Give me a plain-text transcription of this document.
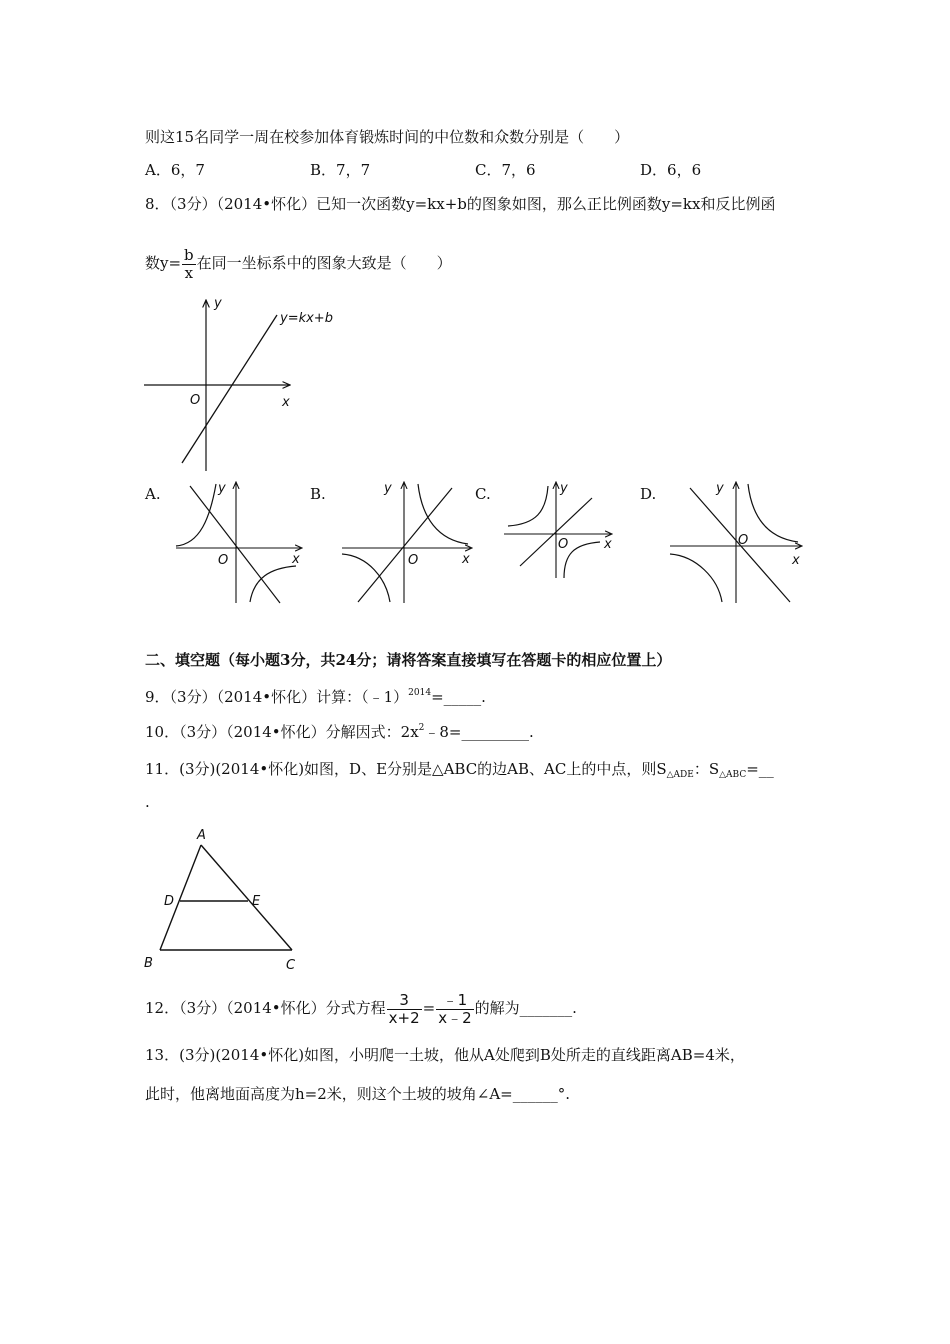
则这15名同学一周在校参加体育锻炼时间的中位数和众数分别是（　　）
A．6，7	B．7，7	C．7，6	D．6，6
8．（3分）（2014•怀化）已知一次函数y=kx+b的图象如图，那么正比例函数y=kx和反比例函
数$y= \frac{b}{x}$ 在同一坐标系中的图象大致是（　　）
y
x
O
y=kx+b
A.	B.	C.	D.
y
x
O
y
x
O
y
x
O
y
x
O
二、填空题（每小题3分，共24分；请将答案直接填写在答题卡的相应位置上）
9．（3分）（2014•怀化）计算：（﹣1）$^{2014}$=_____.
10．（3分）（2014•怀化）分解因式：$2x^2﹣8=\_\_\_\_\_\_\_\_\_$.
11．(3分)(2014•怀化)如图，D、E分别是△ABC的边AB、AC上的中点，则$S_{\triangle ADE}$：$S_{\triangle ABC}=\_\_$
.
A
B	C
D	E
12．（3分）（2014•怀化）分式方程 $\frac{3}{x+2} = \frac{﹣1}{x﹣2}$ 的解为_______.
13．(3分)(2014•怀化)如图，小明爬一土坡，他从A处爬到B处所走的直线距离AB=4米，
此时，他离地面高度为h=2米，则这个土坡的坡角∠A=______°.
